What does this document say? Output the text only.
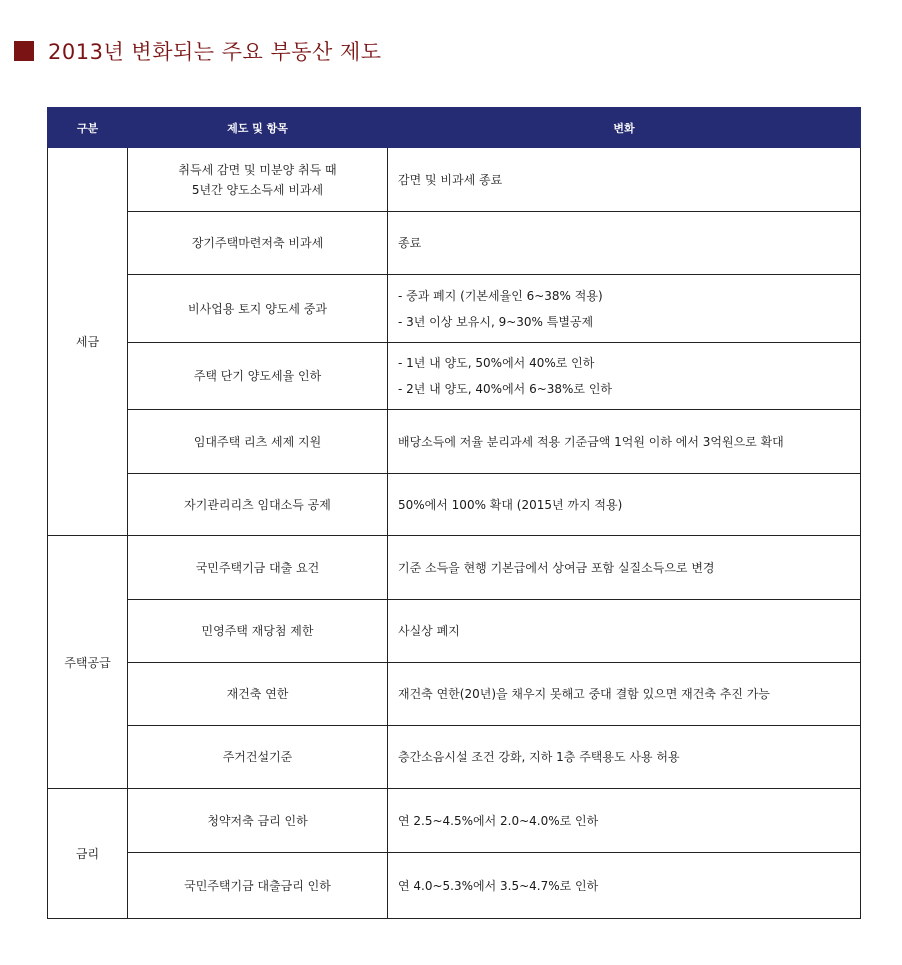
2013년 변화되는 주요 부동산 제도
구분	제도 및 항목	변화
세금	취득세 감면 및 미분양 취득 때
5년간 양도소득세 비과세	감면 및 비과세 종료

	장기주택마련저축 비과세	종료

	비사업용 토지 양도세 중과	- 중과 폐지 (기본세율인 6~38% 적용)
- 3년 이상 보유시, 9~30% 특별공제

	주택 단기 양도세율 인하	- 1년 내 양도, 50%에서 40%로 인하
- 2년 내 양도, 40%에서 6~38%로 인하

	임대주택 리츠 세제 지원	배당소득에 저율 분리과세 적용 기준금액 1억원 이하 에서 3억원으로 확대

	자기관리리츠 임대소득 공제	50%에서 100% 확대 (2015년 까지 적용)

주택공급	국민주택기금 대출 요건	기준 소득을 현행 기본급에서 상여금 포함 실질소득으로 변경

	민영주택 재당첨 제한	사실상 폐지

	재건축 연한	재건축 연한(20년)을 채우지 못해고 중대 결함 있으면 재건축 추진 가능

	주거건설기준	층간소음시설 조건 강화, 지하 1층 주택용도 사용 허용

금리	청약저축 금리 인하	연 2.5~4.5%에서 2.0~4.0%로 인하

	국민주택기금 대출금리 인하	연 4.0~5.3%에서 3.5~4.7%로 인하
